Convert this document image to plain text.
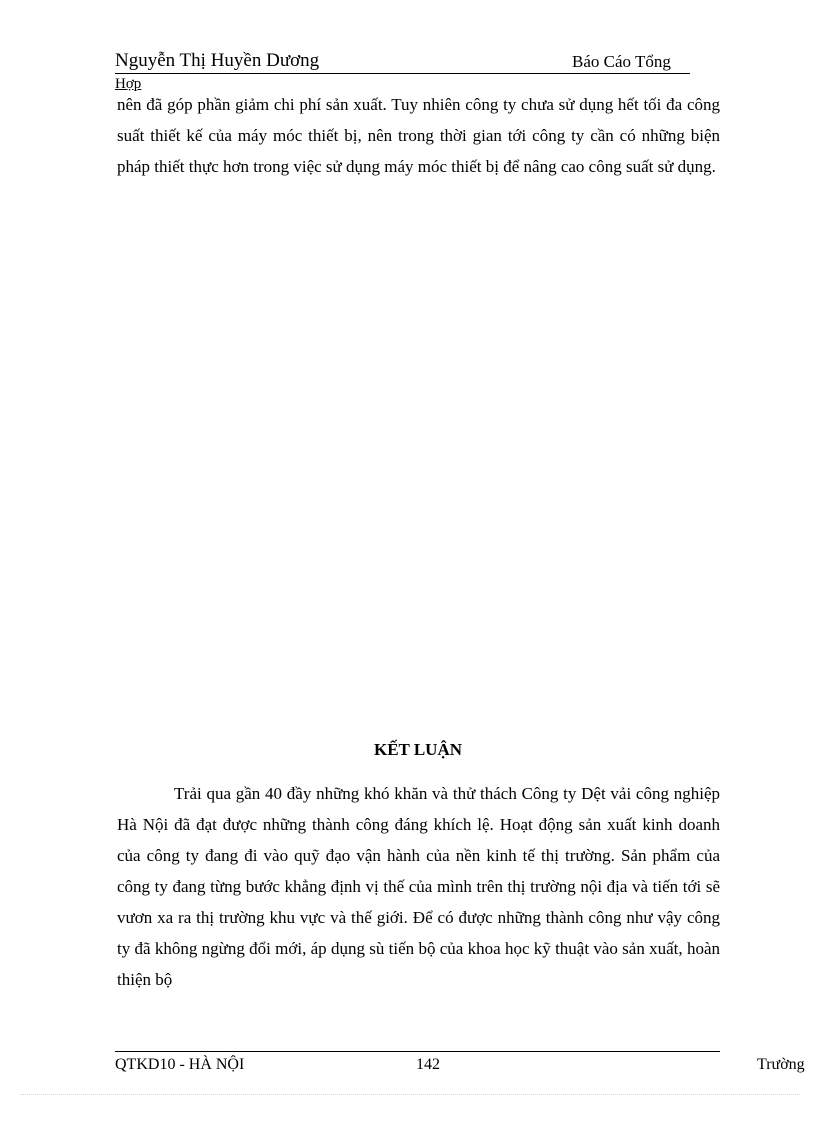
Nguyễn Thị Huyền Dương	Báo Cáo Tổng
Hợp

nên đã góp phần giảm chi phí sản xuất. Tuy nhiên công ty chưa sử dụng hết tối đa công suất thiết kế của máy móc thiết bị, nên trong thời gian tới công ty cần có những biện pháp thiết thực hơn trong việc sử dụng máy móc thiết bị để nâng cao công suất sử dụng.

KẾT LUẬN

Trải qua gần 40 đầy những khó khăn và thử thách Công ty Dệt vải công nghiệp Hà Nội đã đạt được những thành công đáng khích lệ. Hoạt động sản xuất kinh doanh của công ty đang đi vào quỹ đạo vận hành của nền kinh tế thị trường. Sản phẩm của công ty đang từng bước khẳng định vị thế của mình trên thị trường nội địa và tiến tới sẽ vươn xa ra thị trường khu vực và thế giới. Để có được những thành công như vậy công ty đã không ngừng đổi mới, áp dụng sù tiến bộ của khoa học kỹ thuật vào sản xuất, hoàn thiện bộ

QTKD10 - HÀ NỘI	142	Trường
